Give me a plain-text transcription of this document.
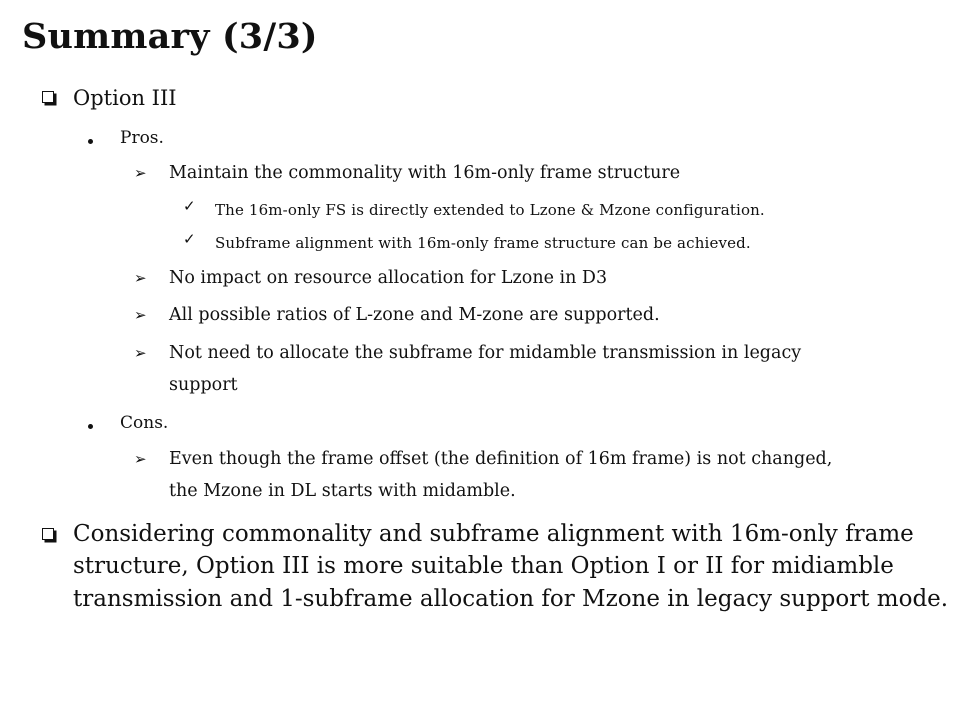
Summary (3/3)
Option III
Pros.
➢ Maintain the commonality with 16m-only frame structure
✓ The 16m-only FS is directly extended to Lzone & Mzone configuration.
✓ Subframe alignment with 16m-only frame structure can be achieved.
➢ No impact on resource allocation for Lzone in D3
➢ All possible ratios of L-zone and M-zone are supported.
➢ Not need to allocate the subframe for midamble transmission in legacy
support
Cons.
➢ Even though the frame offset (the definition of 16m frame) is not changed,
the Mzone in DL starts with midamble.
Considering commonality and subframe alignment with 16m-only frame
structure, Option III is more suitable than Option I or II for midiamble
transmission and 1-subframe allocation for Mzone in legacy support mode.
